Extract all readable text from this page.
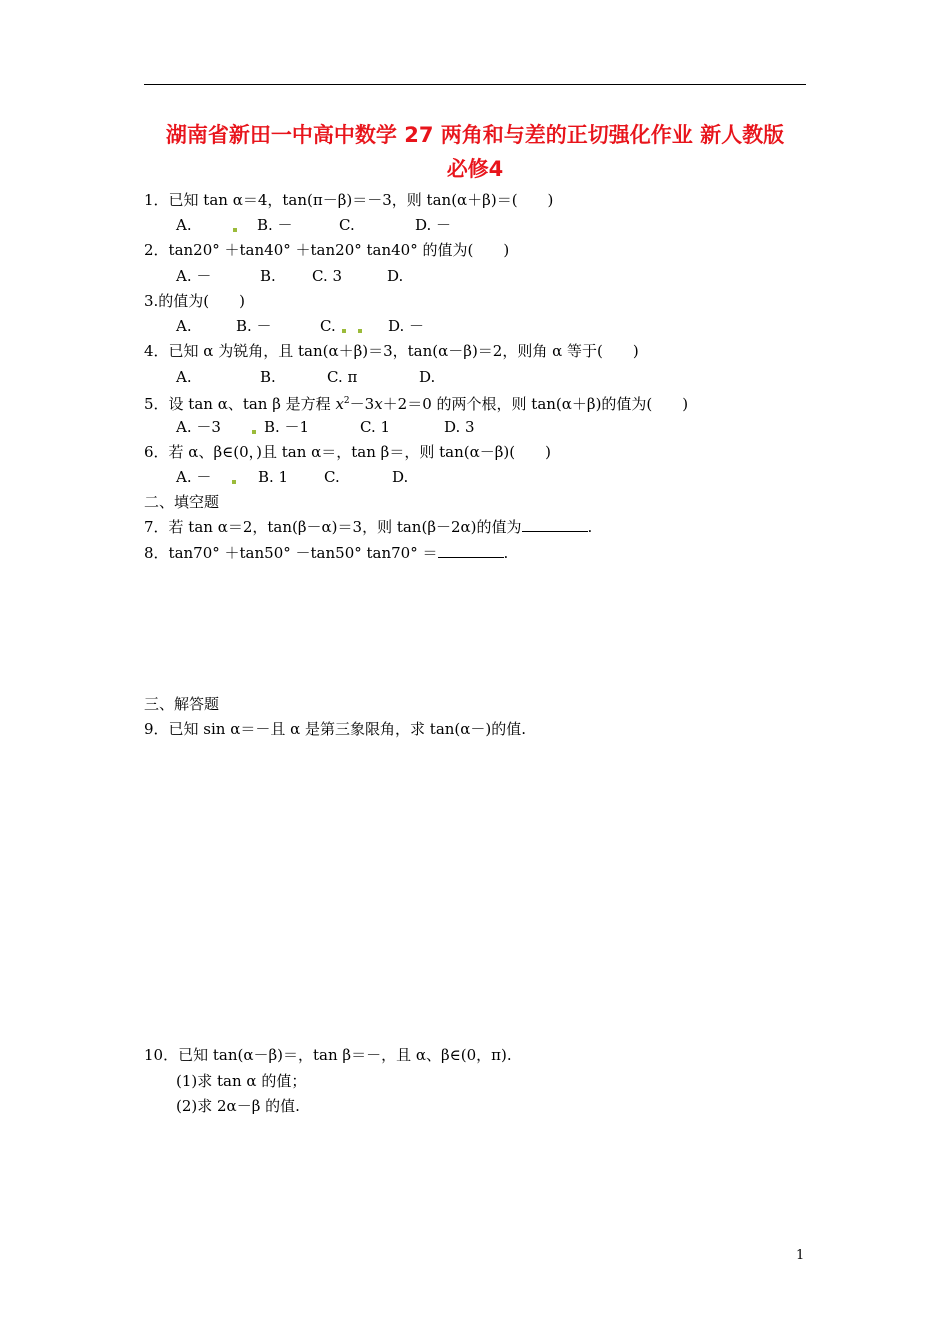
湖南省新田一中高中数学 27 两角和与差的正切强化作业 新人教版
必修4
1．已知 tan α＝4，tan(π－β)＝－3，则 tan(α＋β)＝(　　)
A.	B. －	C.	D. －
2．tan20° ＋tan40° ＋tan20° tan40° 的值为(　　)
A. －	B. C. 3	D.
3.的值为(　　)
A.	B. －	C.	D. －
4．已知 α 为锐角，且 tan(α＋β)＝3，tan(α－β)＝2，则角 α 等于(　　)
A.	B.	C. π	D.
5．设 tan α、tan β 是方程 $x^2-3x+2=0$ 的两个根，则 tan(α＋β)的值为(　　)
A. －3	B. －1	C. 1	D. 3
6．若 α、β∈(0，)且 tan α＝，tan β＝，则 tan(α－β)(　　)
A. －	B. 1 C.	D.
二、填空题
7．若 tan α＝2，tan(β－α)＝3，则 tan(β－2α)的值为	.
8．tan70° ＋tan50° －tan50° tan70° ＝	.
三、解答题
9．已知 sin α＝－且 α 是第三象限角，求 tan(α－)的值.
10．已知 tan(α－β)＝，tan β＝－，且 α、β∈(0，π).
(1)求 tan α 的值；
(2)求 2α－β 的值.
1
